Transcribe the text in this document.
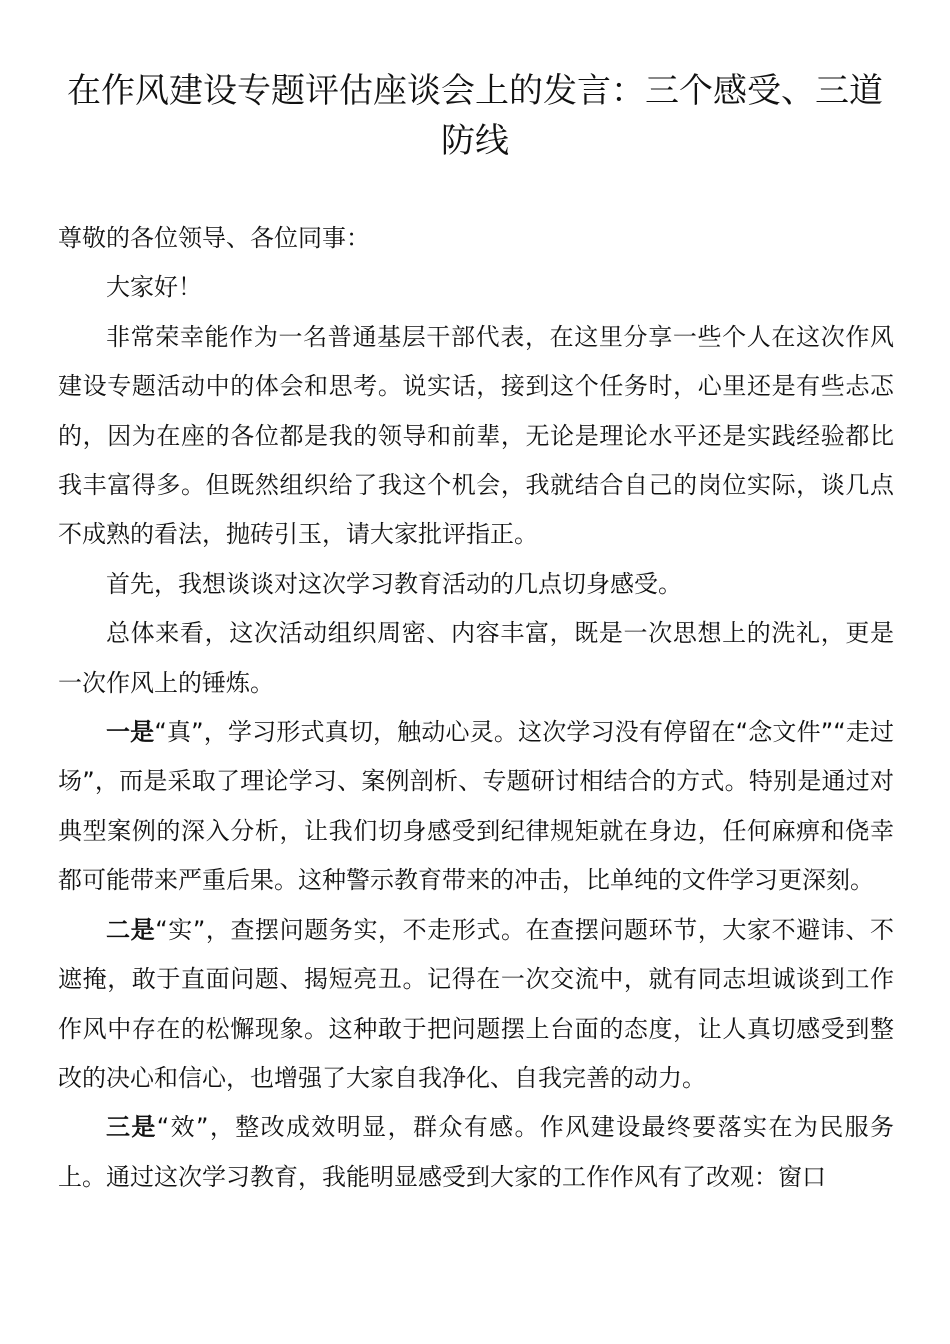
在作风建设专题评估座谈会上的发言：三个感受、三道防线

尊敬的各位领导、各位同事：

大家好！

非常荣幸能作为一名普通基层干部代表，在这里分享一些个人在这次作风建设专题活动中的体会和思考。说实话，接到这个任务时，心里还是有些忐忑的，因为在座的各位都是我的领导和前辈，无论是理论水平还是实践经验都比我丰富得多。但既然组织给了我这个机会，我就结合自己的岗位实际，谈几点不成熟的看法，抛砖引玉，请大家批评指正。

首先，我想谈谈对这次学习教育活动的几点切身感受。

总体来看，这次活动组织周密、内容丰富，既是一次思想上的洗礼，更是一次作风上的锤炼。

一是“真”，学习形式真切，触动心灵。这次学习没有停留在“念文件”“走过场”，而是采取了理论学习、案例剖析、专题研讨相结合的方式。特别是通过对典型案例的深入分析，让我们切身感受到纪律规矩就在身边，任何麻痹和侥幸都可能带来严重后果。这种警示教育带来的冲击，比单纯的文件学习更深刻。

二是“实”，查摆问题务实，不走形式。在查摆问题环节，大家不避讳、不遮掩，敢于直面问题、揭短亮丑。记得在一次交流中，就有同志坦诚谈到工作作风中存在的松懈现象。这种敢于把问题摆上台面的态度，让人真切感受到整改的决心和信心，也增强了大家自我净化、自我完善的动力。

三是“效”，整改成效明显，群众有感。作风建设最终要落实在为民服务上。通过这次学习教育，我能明显感受到大家的工作作风有了改观：窗口
